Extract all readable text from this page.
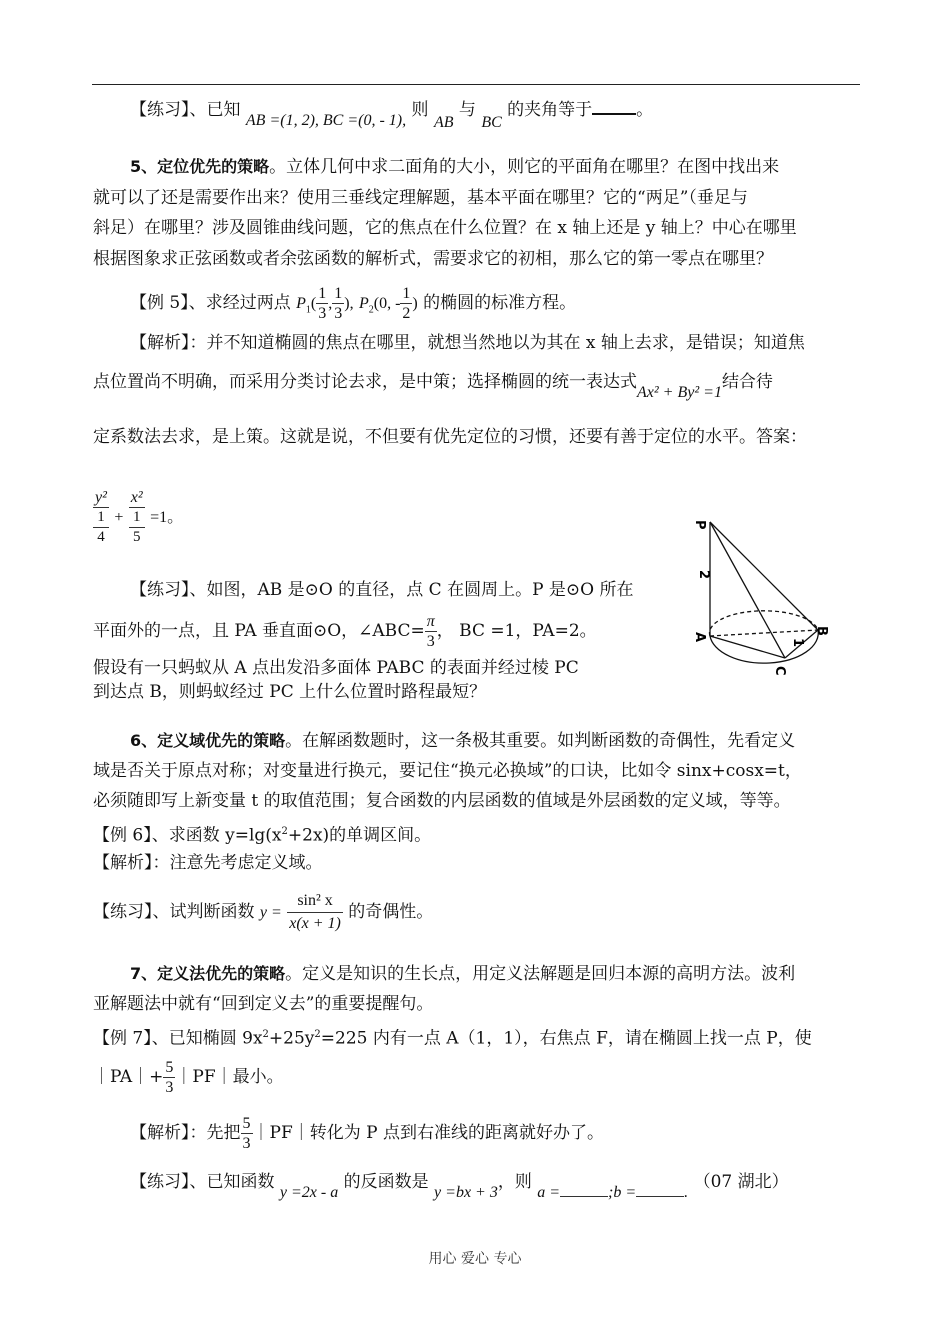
【练习】、已知 AB =(1, 2), BC =(0, - 1), 则 AB 与 BC 的夹角等于	。
5、定位优先的策略。立体几何中求二面角的大小，则它的平面角在哪里？在图中找出来
就可以了还是需要作出来？使用三垂线定理解题，基本平面在哪里？它的“两足”（垂足与
斜足）在哪里？涉及圆锥曲线问题，它的焦点在什么位置？在 x 轴上还是 y 轴上？中心在哪里
根据图象求正弦函数或者余弦函数的解析式，需要求它的初相，那么它的第一零点在哪里？
【例 5】、求经过两点 $P_1( \frac{1}{3}$ , $\frac{1}{3}$ ), $P_2(0$, - $\frac{1}{2}$ ) 的椭圆的标准方程。
【解析】：并不知道椭圆的焦点在哪里，就想当然地以为其在 x 轴上去求，是错误；知道焦
点位置尚不明确，而采用分类讨论去求，是中策；选择椭圆的统一表达式Ax² + By² =1结合待
定系数法去求，是上策。这就是说，不但要有优先定位的习惯，还要有善于定位的水平。答案：
y²
1
4
+
x²
1
5
=1。
【练习】、如图，AB 是⊙O 的直径，点 C 在圆周上。P 是⊙O 所在
平面外的一点，且 PA 垂直面⊙O，∠ABC= $\frac{\pi}{3}$ ， BC =1，PA=2。
假设有一只蚂蚁从 A 点出发沿多面体 PABC 的表面并经过棱 PC
到达点 B，则蚂蚁经过 PC 上什么位置时路程最短？
P
A
B
C
2
1
6、定义域优先的策略。在解函数题时，这一条极其重要。如判断函数的奇偶性，先看定义
域是否关于原点对称；对变量进行换元，要记住“换元必换域”的口诀，比如令 sinx+cosx=t，
必须随即写上新变量 t 的取值范围；复合函数的内层函数的值域是外层函数的定义域，等等。
【例 6】、求函数 $y=\lg(x^2+2x)$的单调区间。
【解析】：注意先考虑定义域。
【练习】、试判断函数 $y = \frac{\text{sin² x}}{x(x + 1)}$ 的奇偶性。
7、定义法优先的策略。定义是知识的生长点，用定义法解题是回归本源的高明方法。波利
亚解题法中就有“回到定义去”的重要提醒句。
【例 7】、已知椭圆 $9x^2+25y^2=225$ 内有一点 A（1，1），右焦点 F，请在椭圆上找一点 P，使
｜PA｜+ $\frac{5}{3}$ ｜PF｜最小。
【解析】：先把 $\frac{5}{3}$ ｜PF｜转化为 P 点到右准线的距离就好办了。
【练习】、已知函数 y =2x - a 的反函数是 y =bx + 3，则 a =	;b =	. （07 湖北）
用心 爱心 专心
